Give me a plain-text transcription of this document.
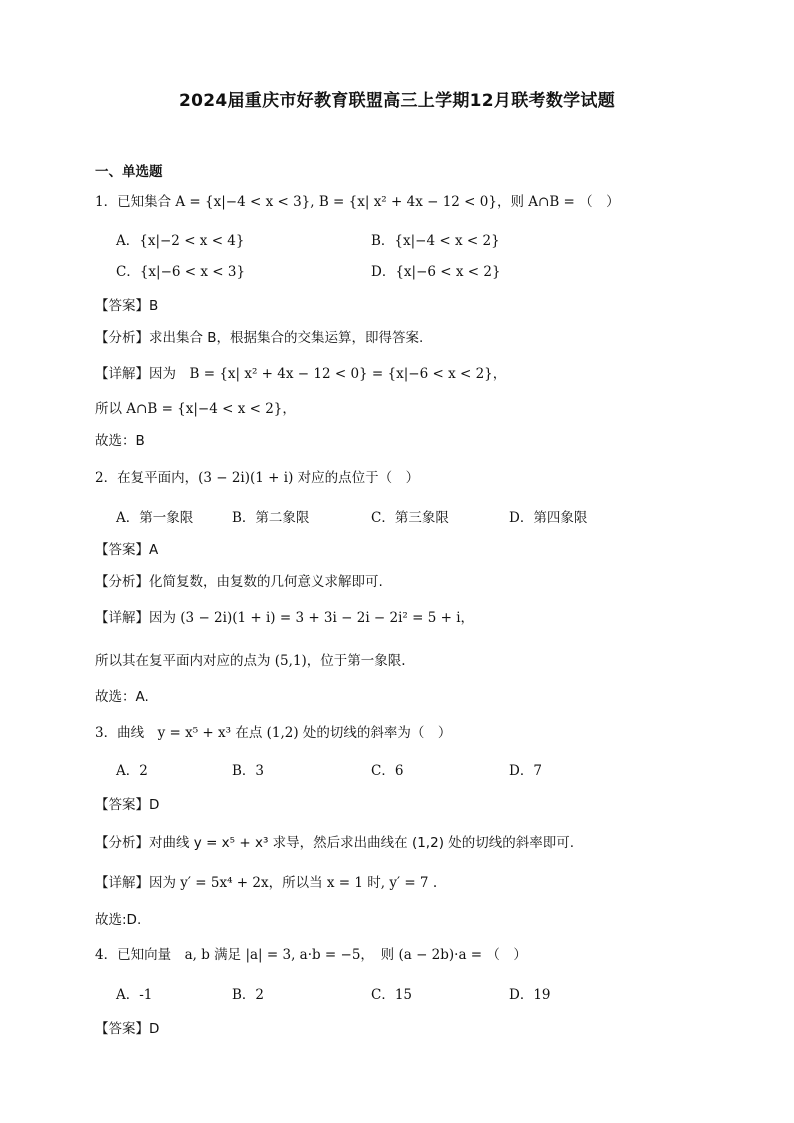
2024届重庆市好教育联盟高三上学期12月联考数学试题
一、单选题
1．已知集合 A = {x|−4 < x < 3}, B = {x| x² + 4x − 12 < 0}，则 A∩B = （　）
A．{x|−2 < x < 4}	B．{x|−4 < x < 2}
C．{x|−6 < x < 3}	D．{x|−6 < x < 2}
【答案】B
【分析】求出集合 B，根据集合的交集运算，即得答案.
【详解】因为　B = {x| x² + 4x − 12 < 0} = {x|−6 < x < 2}，
所以 A∩B = {x|−4 < x < 2}，
故选：B
2．在复平面内，(3 − 2i)(1 + i) 对应的点位于（　）
A．第一象限	B．第二象限	C．第三象限	D．第四象限
【答案】A
【分析】化简复数，由复数的几何意义求解即可.
【详解】因为 (3 − 2i)(1 + i) = 3 + 3i − 2i − 2i² = 5 + i，
所以其在复平面内对应的点为 (5,1)，位于第一象限.
故选：A.
3．曲线　y = x⁵ + x³ 在点 (1,2) 处的切线的斜率为（　）
A．2	B．3	C．6	D．7
【答案】D
【分析】对曲线 y = x⁵ + x³ 求导，然后求出曲线在 (1,2) 处的切线的斜率即可.
【详解】因为 y′ = 5x⁴ + 2x，所以当 x = 1 时, y′ = 7 .
故选:D.
4．已知向量　a, b 满足 |a| = 3, a·b = −5，　则 (a − 2b)·a = （　）
A．-1	B．2	C．15	D．19
【答案】D
